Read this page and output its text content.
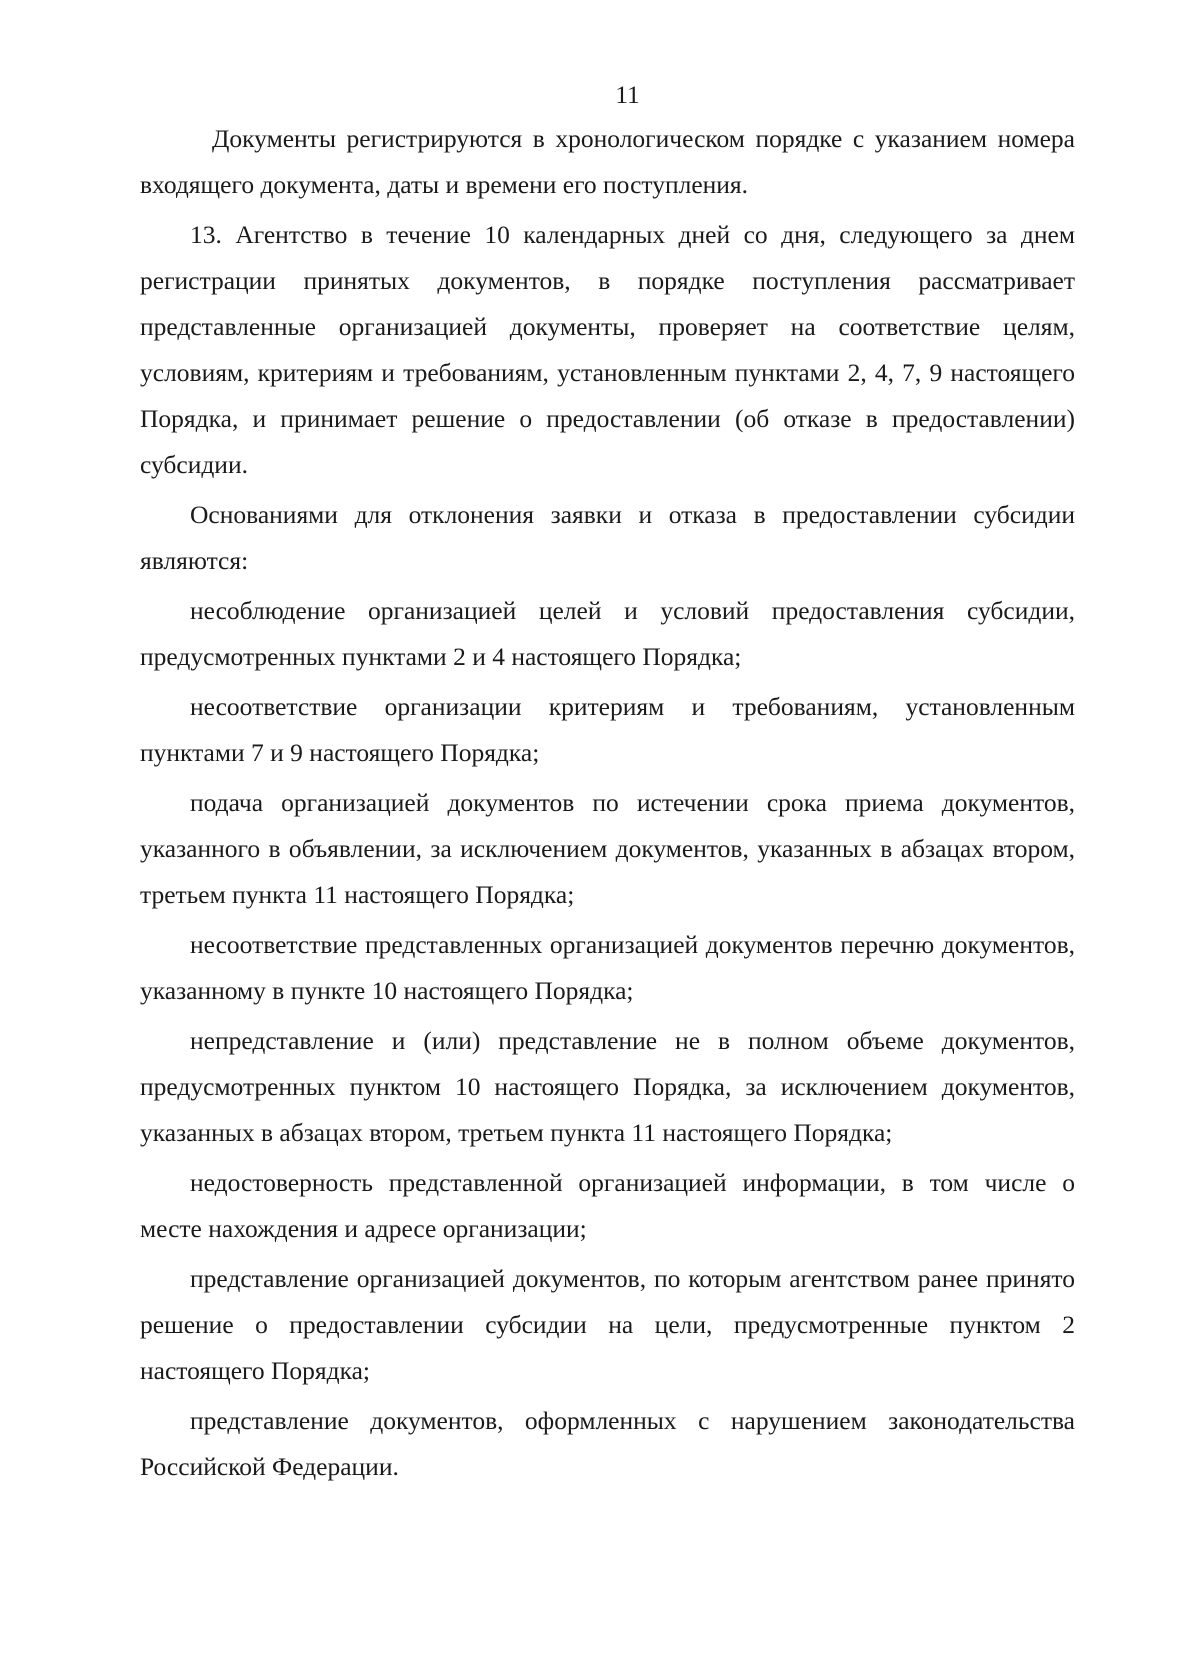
11

Документы регистрируются в хронологическом порядке с указанием номера входящего документа, даты и времени его поступления.

13. Агентство в течение 10 календарных дней со дня, следующего за днем регистрации принятых документов, в порядке поступления рассматривает представленные организацией документы, проверяет на соответствие целям, условиям, критериям и требованиям, установленным пунктами 2, 4, 7, 9 настоящего Порядка, и принимает решение о предоставлении (об отказе в предоставлении) субсидии.

Основаниями для отклонения заявки и отказа в предоставлении субсидии являются:

несоблюдение организацией целей и условий предоставления субсидии, предусмотренных пунктами 2 и 4 настоящего Порядка;

несоответствие организации критериям и требованиям, установленным пунктами 7 и 9 настоящего Порядка;

подача организацией документов по истечении срока приема документов, указанного в объявлении, за исключением документов, указанных в абзацах втором, третьем пункта 11 настоящего Порядка;

несоответствие представленных организацией документов перечню документов, указанному в пункте 10 настоящего Порядка;

непредставление и (или) представление не в полном объеме документов, предусмотренных пунктом 10 настоящего Порядка, за исключением документов, указанных в абзацах втором, третьем пункта 11 настоящего Порядка;

недостоверность представленной организацией информации, в том числе о месте нахождения и адресе организации;

представление организацией документов, по которым агентством ранее принято решение о предоставлении субсидии на цели, предусмотренные пунктом 2 настоящего Порядка;

представление документов, оформленных с нарушением законодательства Российской Федерации.
